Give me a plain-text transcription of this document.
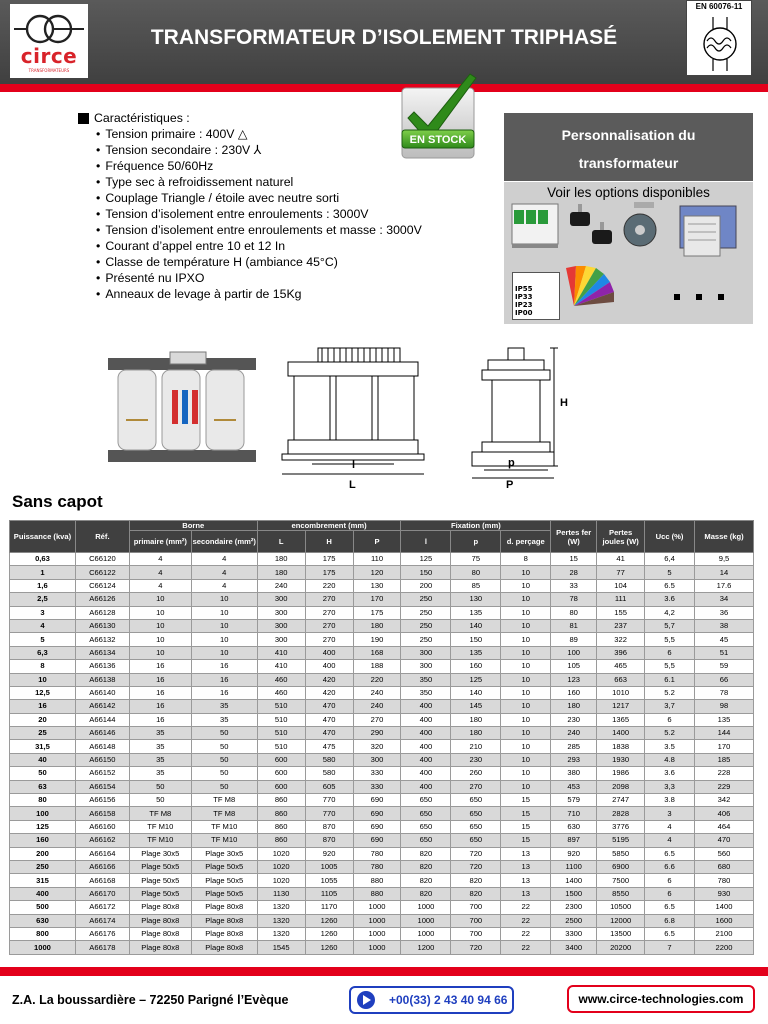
circe
TRANSFORMATEURS
TRANSFORMATEUR D’ISOLEMENT TRIPHASÉ
EN 60076-11
EN STOCK
Caractéristiques :
• Tension primaire : 400V △
• Tension secondaire : 230V ⅄
• Fréquence 50/60Hz
• Type sec à refroidissement naturel
• Couplage Triangle / étoile avec neutre sorti
• Tension d’isolement entre enroulements : 3000V
• Tension d’isolement entre enroulements et masse : 3000V
• Courant d’appel entre 10 et 12 In
• Classe de température H (ambiance 45°C)
• Présenté nu IPXO
• Anneaux de levage à partir de 15Kg
Personnalisation du
transformateur
Voir les options disponibles
IP55
IP33
IP23
IP00
l
L
H
p
P
Sans capot
Puissance (kva)	Réf.	Borne		encombrement (mm)			Fixation (mm)			Pertes fer (W)	Pertes joules (W)	Ucc (%)	Masse (kg)
		primaire (mm²)	secondaire (mm²)	L	H	P	l	p	d. perçage				
0,63	C66120	4	4	180	175	110	125	75	8	15	41	6,4	9,5
1	C66122	4	4	180	175	120	150	80	10	28	77	5	14
1,6	C66124	4	4	240	220	130	200	85	10	33	104	6.5	17.6
2,5	A66126	10	10	300	270	170	250	130	10	78	111	3.6	34
3	A66128	10	10	300	270	175	250	135	10	80	155	4,2	36
4	A66130	10	10	300	270	180	250	140	10	81	237	5,7	38
5	A66132	10	10	300	270	190	250	150	10	89	322	5,5	45
6,3	A66134	10	10	410	400	168	300	135	10	100	396	6	51
8	A66136	16	16	410	400	188	300	160	10	105	465	5,5	59
10	A66138	16	16	460	420	220	350	125	10	123	663	6.1	66
12,5	A66140	16	16	460	420	240	350	140	10	160	1010	5.2	78
16	A66142	16	35	510	470	240	400	145	10	180	1217	3,7	98
20	A66144	16	35	510	470	270	400	180	10	230	1365	6	135
25	A66146	35	50	510	470	290	400	180	10	240	1400	5.2	144
31,5	A66148	35	50	510	475	320	400	210	10	285	1838	3.5	170
40	A66150	35	50	600	580	300	400	230	10	293	1930	4.8	185
50	A66152	35	50	600	580	330	400	260	10	380	1986	3.6	228
63	A66154	50	50	600	605	330	400	270	10	453	2098	3,3	229
80	A66156	50	TF M8	860	770	690	650	650	15	579	2747	3.8	342
100	A66158	TF M8	TF M8	860	770	690	650	650	15	710	2828	3	406
125	A66160	TF M10	TF M10	860	870	690	650	650	15	630	3776	4	464
160	A66162	TF M10	TF M10	860	870	690	650	650	15	897	5195	4	470
200	A66164	Plage 30x5	Plage 30x5	1020	920	780	820	720	13	920	5850	6.5	560
250	A66166	Plage 50x5	Plage 50x5	1020	1005	780	820	720	13	1100	6900	6.6	680
315	A66168	Plage 50x5	Plage 50x5	1020	1055	880	820	820	13	1400	7500	6	780
400	A66170	Plage 50x5	Plage 50x5	1130	1105	880	820	820	13	1500	8550	6	930
500	A66172	Plage 80x8	Plage 80x8	1320	1170	1000	1000	700	22	2300	10500	6.5	1400
630	A66174	Plage 80x8	Plage 80x8	1320	1260	1000	1000	700	22	2500	12000	6.8	1600
800	A66176	Plage 80x8	Plage 80x8	1320	1260	1000	1000	700	22	3300	13500	6.5	2100
1000	A66178	Plage 80x8	Plage 80x8	1545	1260	1000	1200	720	22	3400	20200	7	2200
Z.A. La boussardière – 72250 Parigné l’Evèque	+00(33) 2 43 40 94 66	www.circe-technologies.com
